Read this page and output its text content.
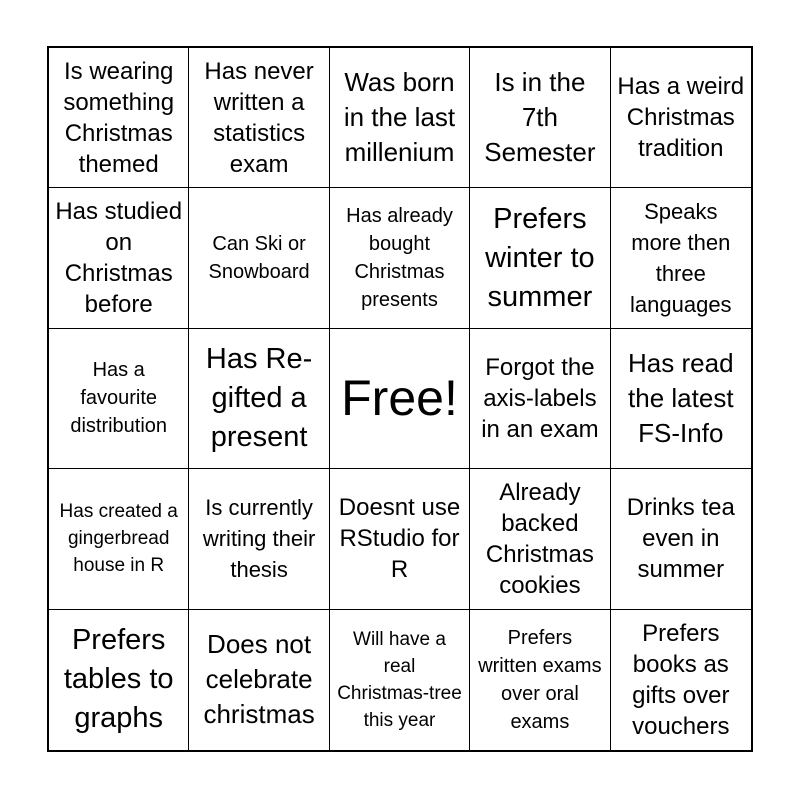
Is wearing something Christmas themed
Has never written a statistics exam
Was born in the last millenium
Is in the 7th Semester
Has a weird Christmas tradition
Has studied on Christmas before
Can Ski or Snowboard
Has already bought Christmas presents
Prefers winter to summer
Speaks more then three languages
Has a favourite distribution
Has Re-gifted a present
Free!
Forgot the axis-labels in an exam
Has read the latest FS-Info
Has created a gingerbread house in R
Is currently writing their thesis
Doesnt use RStudio for R
Already backed Christmas cookies
Drinks tea even in summer
Prefers tables to graphs
Does not celebrate christmas
Will have a real Christmas-tree this year
Prefers written exams over oral exams
Prefers books as gifts over vouchers
